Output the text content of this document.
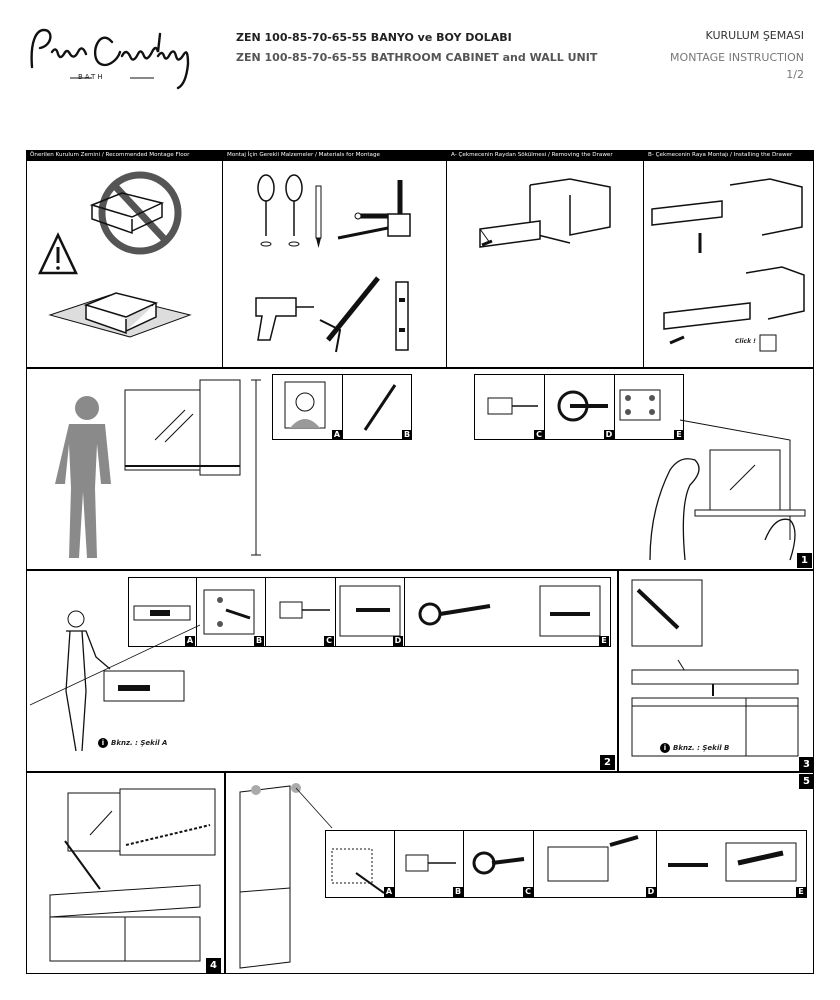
BATH
ZEN 100-85-70-65-55 BANYO ve BOY DOLABI
ZEN 100-85-70-65-55 BATHROOM CABINET and WALL UNIT
KURULUM ŞEMASI
MONTAGE INSTRUCTION
1/2
Önerilen Kurulum Zemini / Recommended Montage Floor	Montaj İçin Gerekli Malzemeler / Materials for Montage	A- Çekmecenin Raydan Sökülmesi / Removing the Drawer	B- Çekmecenin Raya Montajı / Installing the Drawer
Click !
A	B	C	D	E
1
i Bknz. : Şekil A
A	B	C	D	E
2
i Bknz. : Şekil B
3
5
4
A	B	C	D	E
